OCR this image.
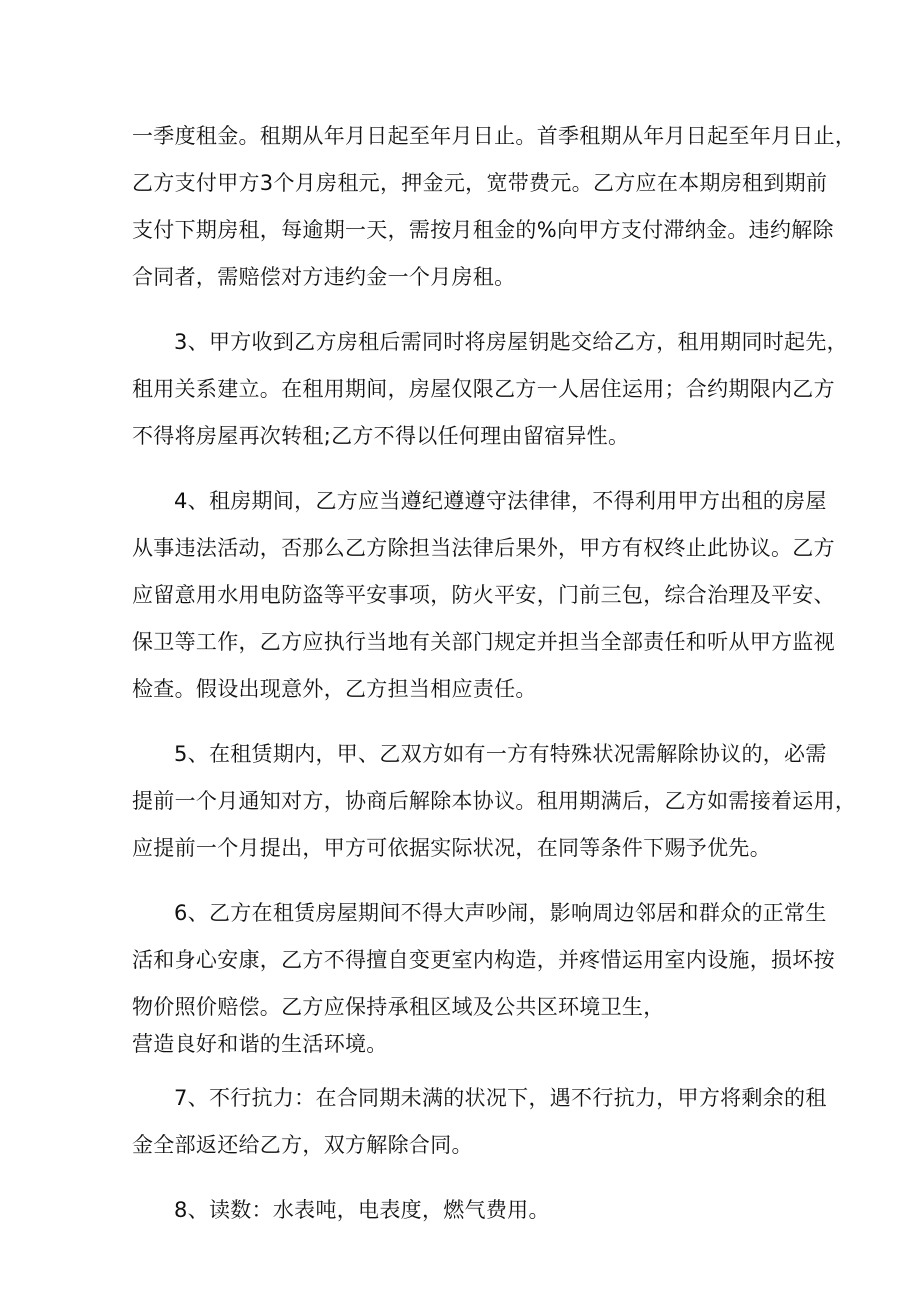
一季度租金。租期从年月日起至年月日止。首季租期从年月日起至年月日止，
乙方支付甲方3个月房租元，押金元，宽带费元。乙方应在本期房租到期前
支付下期房租，每逾期一天，需按月租金的%向甲方支付滞纳金。违约解除
合同者，需赔偿对方违约金一个月房租。
3、甲方收到乙方房租后需同时将房屋钥匙交给乙方，租用期同时起先，
租用关系建立。在租用期间，房屋仅限乙方一人居住运用；合约期限内乙方
不得将房屋再次转租;乙方不得以任何理由留宿异性。
4、租房期间，乙方应当遵纪遵遵守法律律，不得利用甲方出租的房屋
从事违法活动，否那么乙方除担当法律后果外，甲方有权终止此协议。乙方
应留意用水用电防盗等平安事项，防火平安，门前三包，综合治理及平安、
保卫等工作，乙方应执行当地有关部门规定并担当全部责任和听从甲方监视
检查。假设出现意外，乙方担当相应责任。
5、在租赁期内，甲、乙双方如有一方有特殊状况需解除协议的，必需
提前一个月通知对方，协商后解除本协议。租用期满后，乙方如需接着运用，
应提前一个月提出，甲方可依据实际状况，在同等条件下赐予优先。
6、乙方在租赁房屋期间不得大声吵闹，影响周边邻居和群众的正常生
活和身心安康，乙方不得擅自变更室内构造，并疼惜运用室内设施，损坏按
物价照价赔偿。乙方应保持承租区域及公共区环境卫生，
营造良好和谐的生活环境。
7、不行抗力：在合同期未满的状况下，遇不行抗力，甲方将剩余的租
金全部返还给乙方，双方解除合同。
8、读数：水表吨，电表度，燃气费用。
